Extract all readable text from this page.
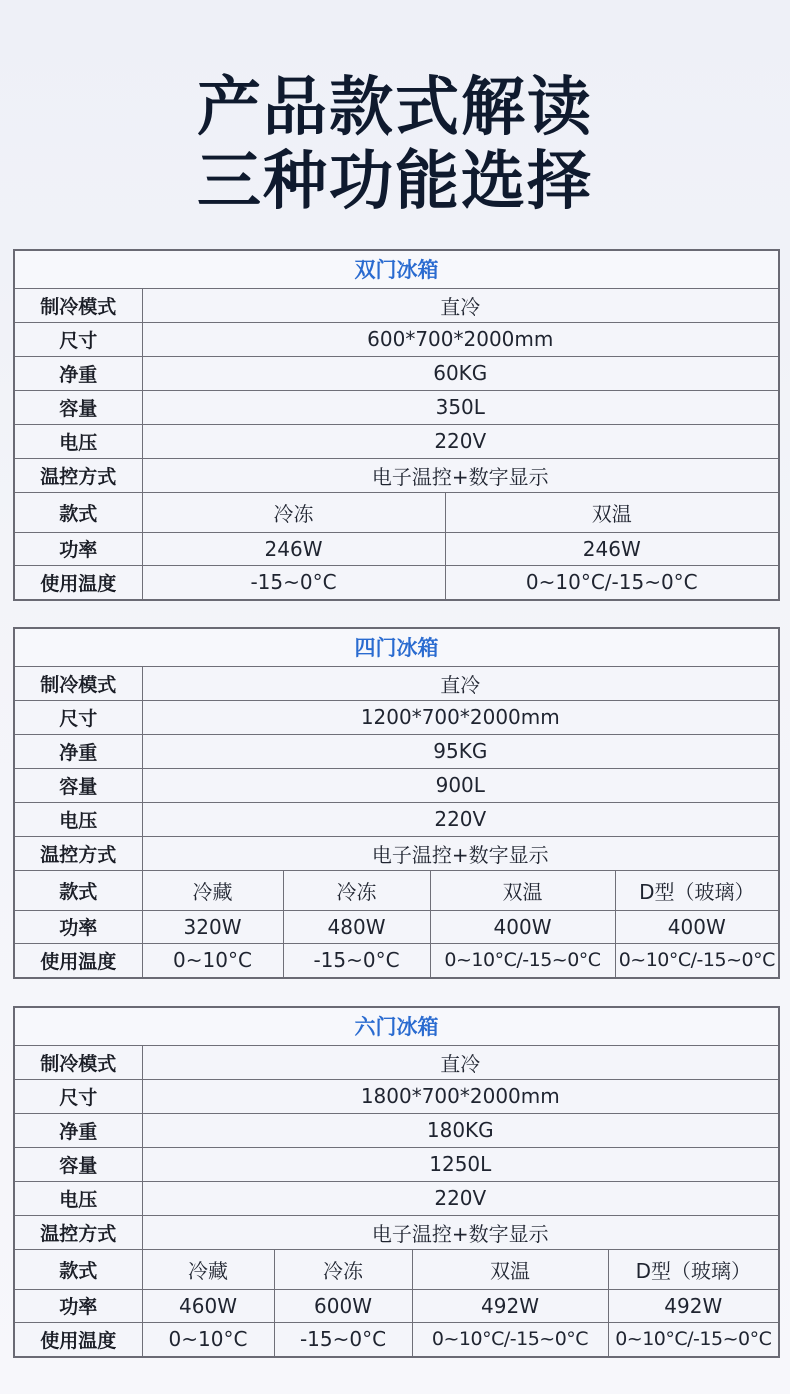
产品款式解读
三种功能选择
双门冰箱		
制冷模式	直冷	
尺寸	600*700*2000mm	
净重	60KG	
容量	350L	
电压	220V	
温控方式	电子温控+数字显示	
款式	冷冻	双温
功率	246W	246W
使用温度	-15~0°C	0~10°C/-15~0°C
四门冰箱				
制冷模式	直冷			
尺寸	1200*700*2000mm			
净重	95KG			
容量	900L			
电压	220V			
温控方式	电子温控+数字显示			
款式	冷藏	冷冻	双温	D型（玻璃）
功率	320W	480W	400W	400W
使用温度	0~10°C	-15~0°C	0~10°C/-15~0°C	0~10°C/-15~0°C
六门冰箱				
制冷模式	直冷			
尺寸	1800*700*2000mm			
净重	180KG			
容量	1250L			
电压	220V			
温控方式	电子温控+数字显示			
款式	冷藏	冷冻	双温	D型（玻璃）
功率	460W	600W	492W	492W
使用温度	0~10°C	-15~0°C	0~10°C/-15~0°C	0~10°C/-15~0°C
